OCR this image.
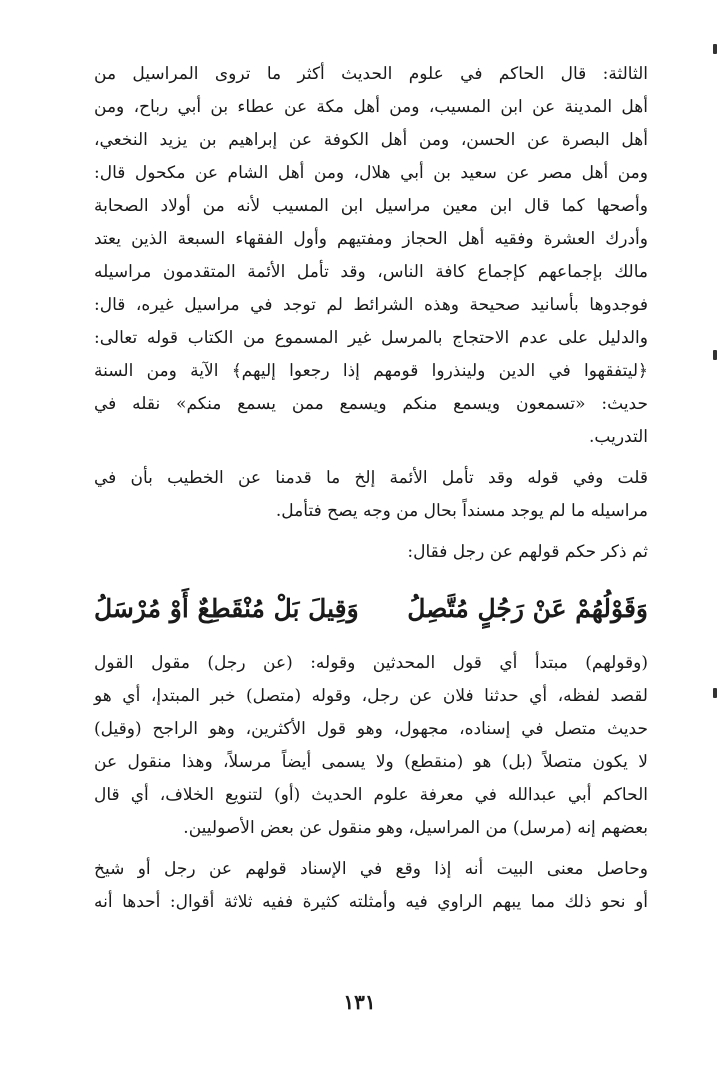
الثالثة: قال الحاكم في علوم الحديث أكثر ما تروى المراسيل من

أهل المدينة عن ابن المسيب، ومن أهل مكة عن عطاء بن أبي رباح، ومن

أهل البصرة عن الحسن، ومن أهل الكوفة عن إبراهيم بن يزيد النخعي،

ومن أهل مصر عن سعيد بن أبي هلال، ومن أهل الشام عن مكحول قال:

وأصحها كما قال ابن معين مراسيل ابن المسيب لأنه من أولاد الصحابة

وأدرك العشرة وفقيه أهل الحجاز ومفتيهم وأول الفقهاء السبعة الذين يعتد

مالك بإجماعهم كإجماع كافة الناس، وقد تأمل الأئمة المتقدمون مراسيله

فوجدوها بأسانيد صحيحة وهذه الشرائط لم توجد في مراسيل غيره، قال:

والدليل على عدم الاحتجاج بالمرسل غير المسموع من الكتاب قوله تعالى:

﴿ليتفقهوا في الدين ولينذروا قومهم إذا رجعوا إليهم﴾ الآية ومن السنة

حديث: «تسمعون ويسمع منكم ويسمع ممن يسمع منكم» نقله في

التدريب.

قلت وفي قوله وقد تأمل الأئمة إلخ ما قدمنا عن الخطيب بأن في

مراسيله ما لم يوجد مسنداً بحال من وجه يصح فتأمل.

ثم ذكر حكم قولهم عن رجل فقال:

وَقَوْلُهُمْ عَنْ رَجُلٍ مُتَّصِلُ
وَقِيلَ بَلْ مُنْقَطِعٌ أَوْ مُرْسَلُ

(وقولهم) مبتدأ أي قول المحدثين وقوله: (عن رجل) مقول القول

لقصد لفظه، أي حدثنا فلان عن رجل، وقوله (متصل) خبر المبتدإ، أي هو

حديث متصل في إسناده، مجهول، وهو قول الأكثرين، وهو الراجح (وقيل)

لا يكون متصلاً (بل) هو (منقطع) ولا يسمى أيضاً مرسلاً، وهذا منقول عن

الحاكم أبي عبدالله في معرفة علوم الحديث (أو) لتنويع الخلاف، أي قال

بعضهم إنه (مرسل) من المراسيل، وهو منقول عن بعض الأصوليين.

وحاصل معنى البيت أنه إذا وقع في الإسناد قولهم عن رجل أو شيخ

أو نحو ذلك مما يبهم الراوي فيه وأمثلته كثيرة ففيه ثلاثة أقوال: أحدها أنه

١٣١
